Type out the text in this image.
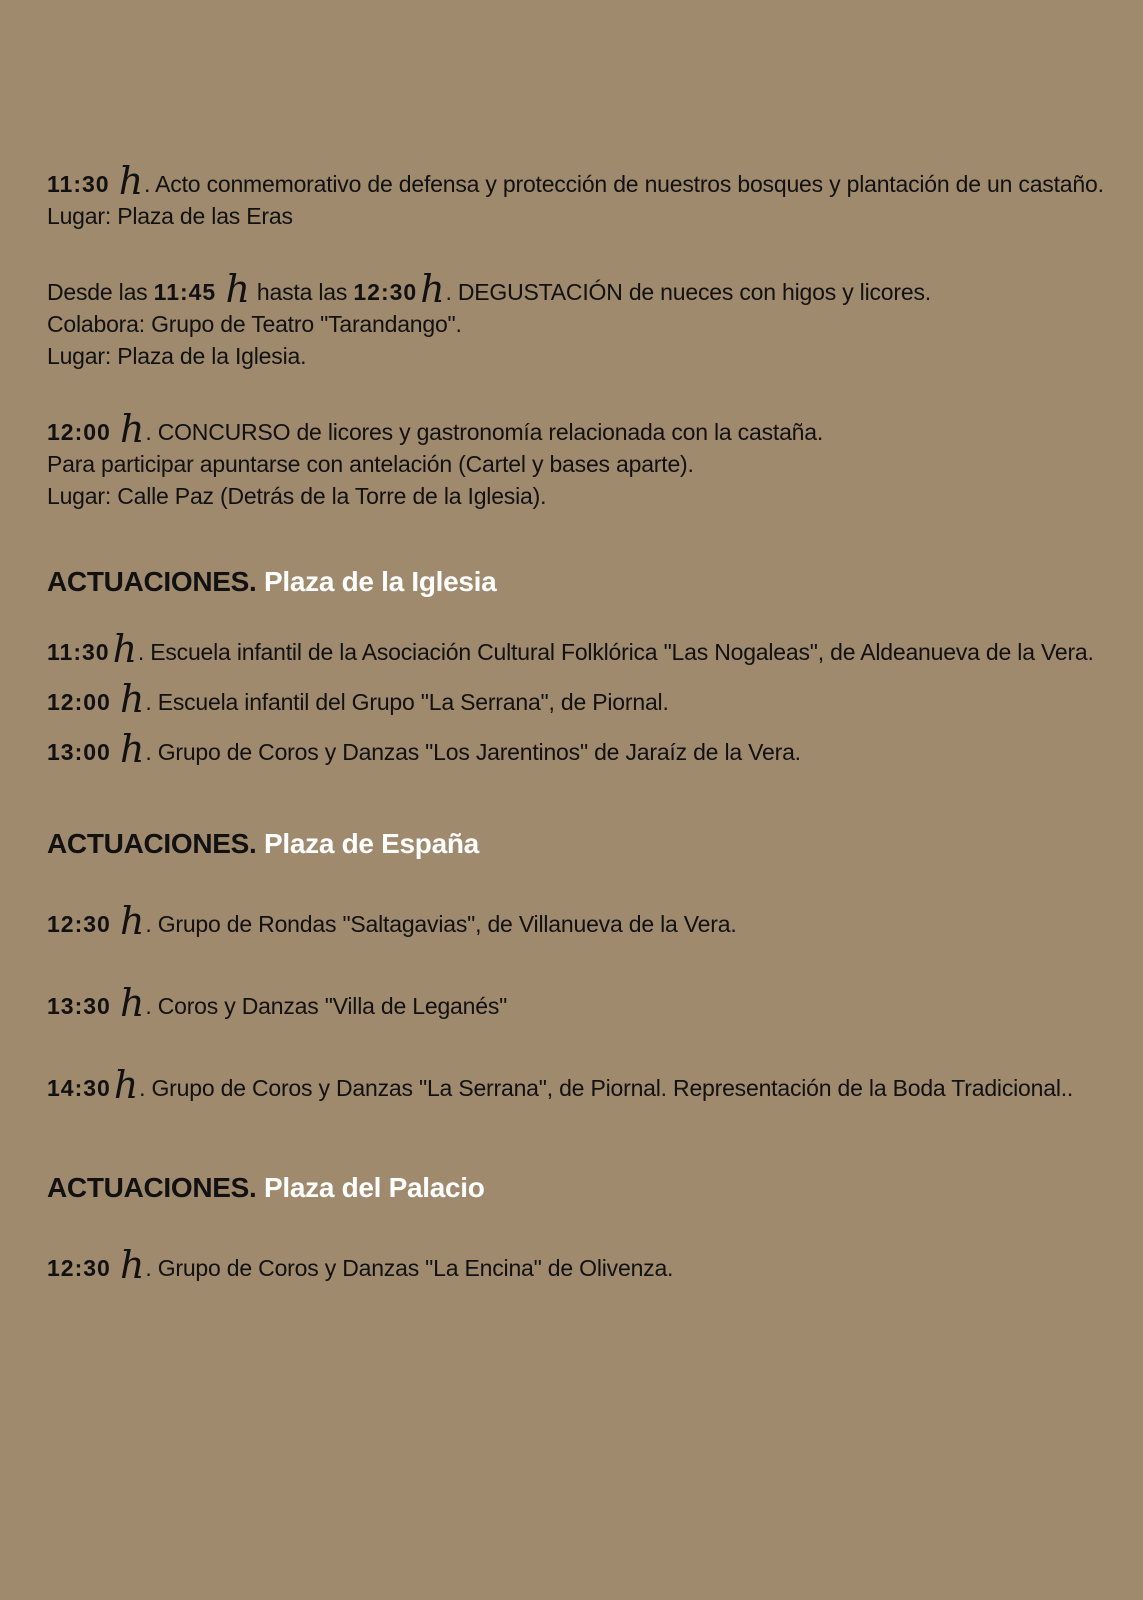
11:30 h. Acto conmemorativo de defensa y protección de nuestros bosques y plantación de un castaño.
Lugar: Plaza de las Eras
Desde las 11:45 h hasta las 12:30h. DEGUSTACIÓN de nueces con higos y licores.
Colabora: Grupo de Teatro "Tarandango".
Lugar: Plaza de la Iglesia.
12:00 h. CONCURSO de licores y gastronomía relacionada con la castaña.
Para participar apuntarse con antelación (Cartel y bases aparte).
Lugar: Calle Paz (Detrás de la Torre de la Iglesia).
ACTUACIONES. Plaza de la Iglesia
11:30h. Escuela infantil de la Asociación Cultural Folklórica "Las Nogaleas", de Aldeanueva de la Vera.
12:00 h. Escuela infantil del Grupo "La Serrana", de Piornal.
13:00 h. Grupo de Coros y Danzas "Los Jarentinos" de Jaraíz de la Vera.
ACTUACIONES. Plaza de España
12:30 h. Grupo de Rondas "Saltagavias", de Villanueva de la Vera.
13:30 h. Coros y Danzas "Villa de Leganés"
14:30h. Grupo de Coros y Danzas "La Serrana", de Piornal. Representación de la Boda Tradicional..
ACTUACIONES. Plaza del Palacio
12:30 h. Grupo de Coros y Danzas "La Encina" de Olivenza.
